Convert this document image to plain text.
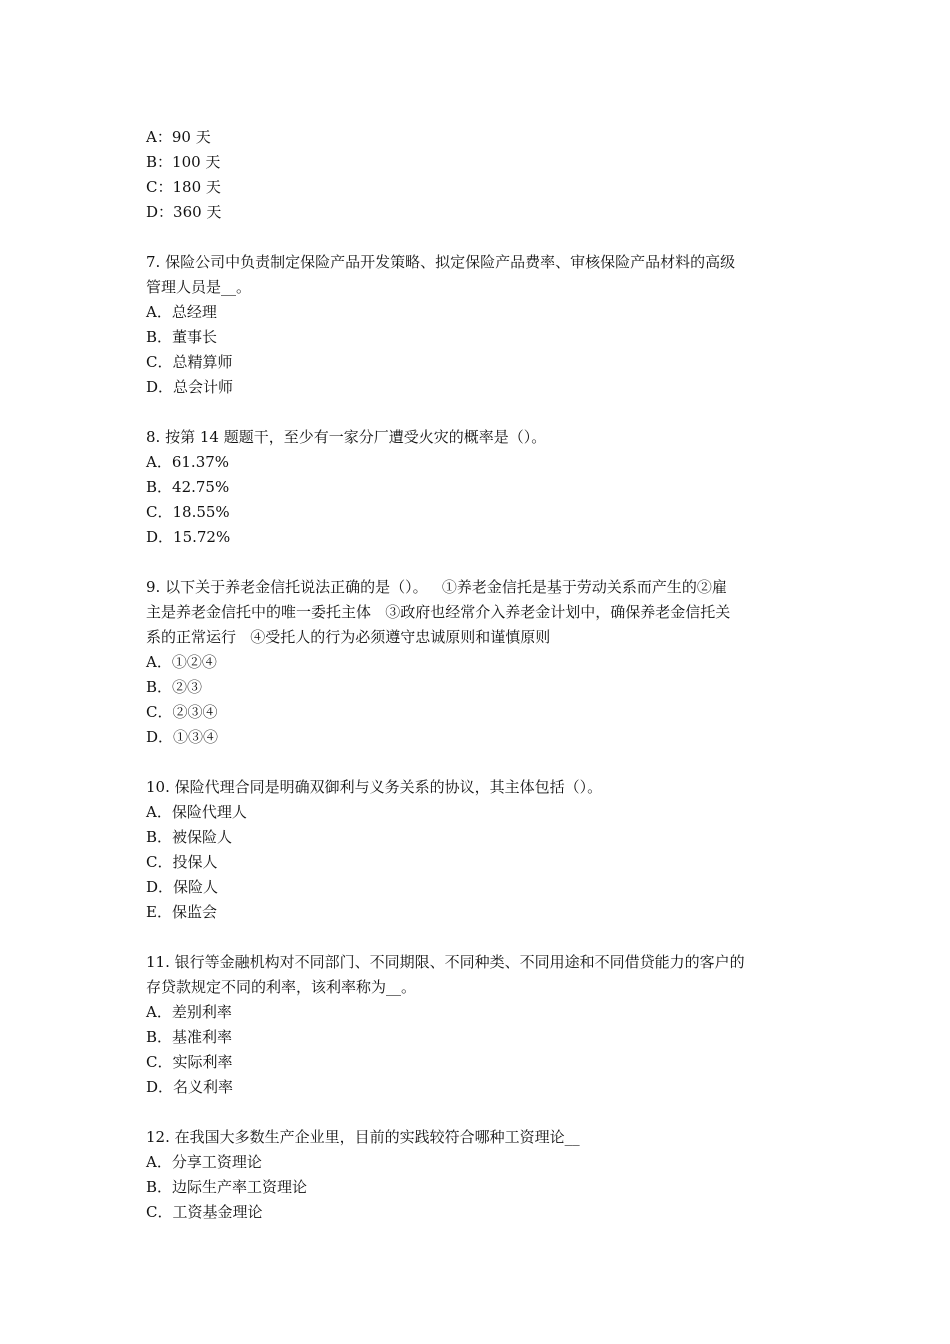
A：90 天
B：100 天
C：180 天
D：360 天
7. 保险公司中负责制定保险产品开发策略、拟定保险产品费率、审核保险产品材料的高级
管理人员是__。
A．总经理
B．董事长
C．总精算师
D．总会计师
8. 按第 14 题题干，至少有一家分厂遭受火灾的概率是（）。
A．61.37%
B．42.75%
C．18.55%
D．15.72%
9. 以下关于养老金信托说法正确的是（）。   ①养老金信托是基于劳动关系而产生的②雇
主是养老金信托中的唯一委托主体   ③政府也经常介入养老金计划中，确保养老金信托关
系的正常运行   ④受托人的行为必须遵守忠诚原则和谨慎原则
A．①②④
B．②③
C．②③④
D．①③④
10. 保险代理合同是明确双御利与义务关系的协议，其主体包括（）。
A．保险代理人
B．被保险人
C．投保人
D．保险人
E．保监会
11. 银行等金融机构对不同部门、不同期限、不同种类、不同用途和不同借贷能力的客户的
存贷款规定不同的利率，该利率称为__。
A．差别利率
B．基准利率
C．实际利率
D．名义利率
12. 在我国大多数生产企业里，目前的实践较符合哪种工资理论__
A．分享工资理论
B．边际生产率工资理论
C．工资基金理论
